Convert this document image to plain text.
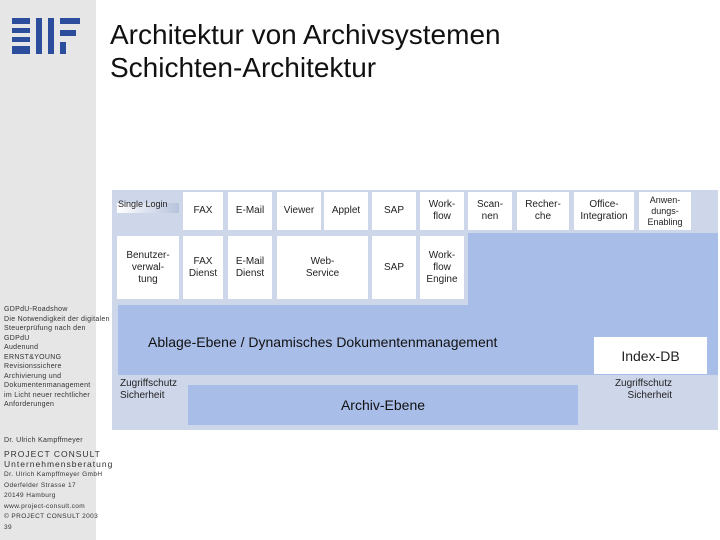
Architektur von Archivsystemen
Schichten-Architektur
GDPdU-Roadshow
Die Notwendigkeit der digitalen
Steuerprüfung nach den
GDPdU
Audenund
ERNST&YOUNG
Revisionssichere
Archivierung und
Dokumentenmanagement
im Licht neuer rechtlicher
Anforderungen
Dr. Ulrich Kampffmeyer
PROJECT CONSULT
Unternehmensberatung
Dr. Ulrich Kampffmeyer GmbH
Oderfelder Strasse 17
20149 Hamburg
www.project-consult.com
© PROJECT CONSULT 2003
39
Single Login
FAX	E-Mail	Viewer	Applet	SAP
Work-
flow
Scan-
nen
Recher-
che
Office-
Integration
Anwen-
dungs-
Enabling
Benutzer-
verwal-
tung
FAX
Dienst
E-Mail
Dienst
Web-
Service
SAP
Work-
flow
Engine
Ablage-Ebene / Dynamisches Dokumentenmanagement
Index-DB
Zugriffschutz
Sicherheit
Zugriffschutz
Sicherheit
Archiv-Ebene
